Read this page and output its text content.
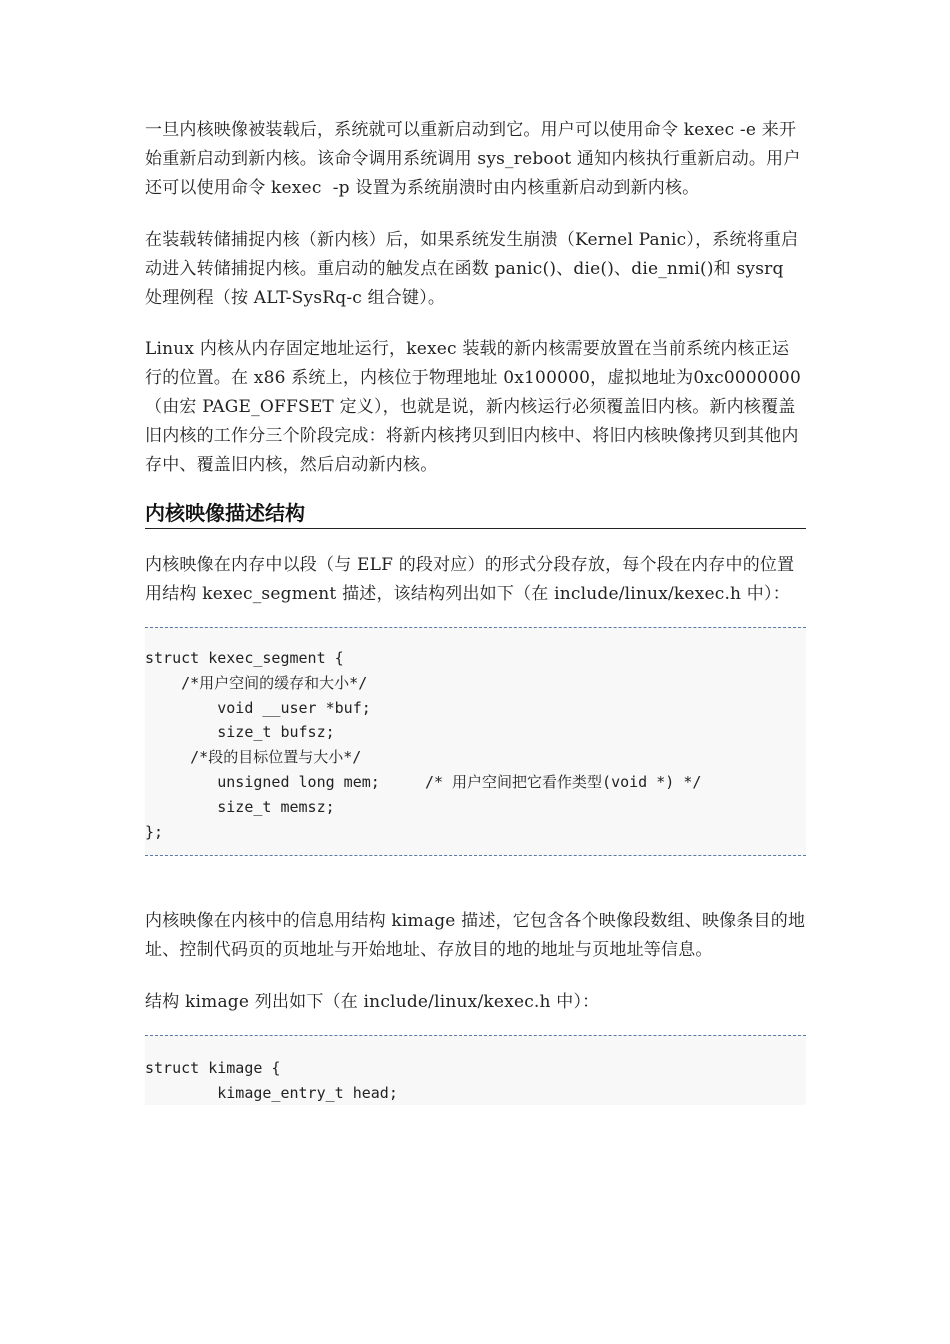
一旦内核映像被装载后，系统就可以重新启动到它。用户可以使用命令 kexec -e 来开始重新启动到新内核。该命令调用系统调用 sys_reboot 通知内核执行重新启动。用户还可以使用命令 kexec  -p 设置为系统崩溃时由内核重新启动到新内核。

在装载转储捕捉内核（新内核）后，如果系统发生崩溃（Kernel Panic），系统将重启动进入转储捕捉内核。重启动的触发点在函数 panic()、die()、die_nmi()和 sysrq 处理例程（按 ALT-SysRq-c 组合键）。

Linux 内核从内存固定地址运行，kexec 装载的新内核需要放置在当前系统内核正运行的位置。在 x86 系统上，内核位于物理地址 0x100000，虚拟地址为0xc0000000（由宏 PAGE_OFFSET 定义），也就是说，新内核运行必须覆盖旧内核。新内核覆盖旧内核的工作分三个阶段完成：将新内核拷贝到旧内核中、将旧内核映像拷贝到其他内存中、覆盖旧内核，然后启动新内核。

内核映像描述结构

内核映像在内存中以段（与 ELF 的段对应）的形式分段存放，每个段在内存中的位置用结构 kexec_segment 描述，该结构列出如下（在 include/linux/kexec.h 中）：

struct kexec_segment {
/*用户空间的缓存和大小*/
void __user *buf;
size_t bufsz;
/*段的目标位置与大小*/
unsigned long mem;     /* 用户空间把它看作类型(void *) */
size_t memsz;
};

内核映像在内核中的信息用结构 kimage 描述，它包含各个映像段数组、映像条目的地址、控制代码页的页地址与开始地址、存放目的地的地址与页地址等信息。

结构 kimage 列出如下（在 include/linux/kexec.h 中）：

struct kimage {
kimage_entry_t head;
